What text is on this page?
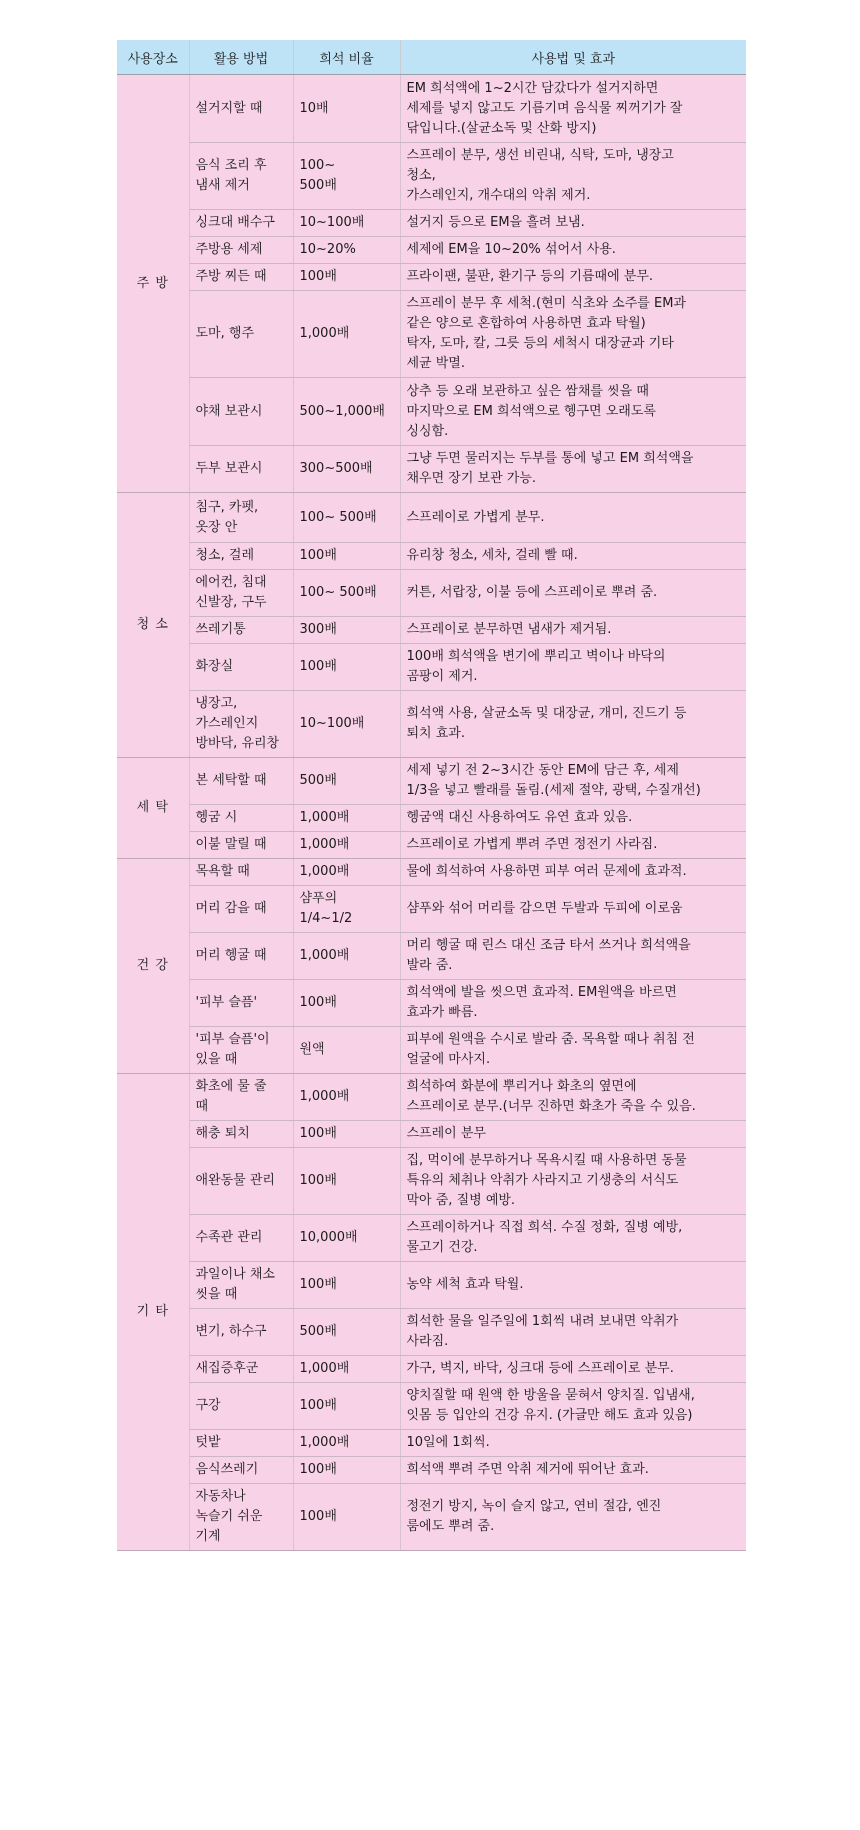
사용장소	활용 방법	희석 비율	사용법 및 효과
주 방	설거지할 때	10배	EM 희석액에 1~2시간 담갔다가 설거지하면
세제를 넣지 않고도 기름기며 음식물 찌꺼기가 잘
닦입니다.(살균소독 및 산화 방지)
	음식 조리 후
냄새 제거	100~
500배	스프레이 분무, 생선 비린내, 식탁, 도마, 냉장고
청소,
가스레인지, 개수대의 악취 제거.
	싱크대 배수구	10~100배	설거지 등으로 EM을 흘려 보냄.
	주방용 세제	10~20%	세제에 EM을 10~20% 섞어서 사용.
	주방 찌든 때	100배	프라이팬, 불판, 환기구 등의 기름때에 분무.
	도마, 행주	1,000배	스프레이 분무 후 세척.(현미 식초와 소주를 EM과
같은 양으로 혼합하여 사용하면 효과 탁월)
탁자, 도마, 칼, 그릇 등의 세척시 대장균과 기타
세균 박멸.
	야채 보관시	500~1,000배	상추 등 오래 보관하고 싶은 쌈채를 씻을 때
마지막으로 EM 희석액으로 헹구면 오래도록
싱싱함.
	두부 보관시	300~500배	그냥 두면 물러지는 두부를 통에 넣고 EM 희석액을
채우면 장기 보관 가능.
청 소	침구, 카펫,
옷장 안	100~ 500배	스프레이로 가볍게 분무.
	청소, 걸레	100배	유리창 청소, 세차, 걸레 빨 때.
	에어컨, 침대
신발장, 구두	100~ 500배	커튼, 서랍장, 이불 등에 스프레이로 뿌려 줌.
	쓰레기통	300배	스프레이로 분무하면 냄새가 제거됨.
	화장실	100배	100배 희석액을 변기에 뿌리고 벽이나 바닥의
곰팡이 제거.
	냉장고,
가스레인지
방바닥, 유리창	10~100배	희석액 사용, 살균소독 및 대장균, 개미, 진드기 등
퇴치 효과.
세 탁	본 세탁할 때	500배	세제 넣기 전 2~3시간 동안 EM에 담근 후, 세제
1/3을 넣고 빨래를 돌림.(세제 절약, 광택, 수질개선)
	헹굼 시	1,000배	헹굼액 대신 사용하여도 유연 효과 있음.
	이불 말릴 때	1,000배	스프레이로 가볍게 뿌려 주면 정전기 사라짐.
건 강	목욕할 때	1,000배	물에 희석하여 사용하면 피부 여러 문제에 효과적.
	머리 감을 때	샴푸의
1/4~1/2	샴푸와 섞어 머리를 감으면 두발과 두피에 이로움
	머리 헹굴 때	1,000배	머리 헹굴 때 린스 대신 조금 타서 쓰거나 희석액을
발라 줌.
	'피부 슬픔'	100배	희석액에 발을 씻으면 효과적. EM원액을 바르면
효과가 빠름.
	'피부 슬픔'이
있을 때	원액	피부에 원액을 수시로 발라 줌. 목욕할 때나 취침 전
얼굴에 마사지.
기 타	화초에 물 줄
때	1,000배	희석하여 화분에 뿌리거나 화초의 옆면에
스프레이로 분무.(너무 진하면 화초가 죽을 수 있음.
	해충 퇴치	100배	스프레이 분무
	애완동물 관리	100배	집, 먹이에 분무하거나 목욕시킬 때 사용하면 동물
특유의 체취나 악취가 사라지고 기생충의 서식도
막아 줌, 질병 예방.
	수족관 관리	10,000배	스프레이하거나 직접 희석. 수질 정화, 질병 예방,
물고기 건강.
	과일이나 채소
씻을 때	100배	농약 세척 효과 탁월.
	변기, 하수구	500배	희석한 물을 일주일에 1회씩 내려 보내면 악취가
사라짐.
	새집증후군	1,000배	가구, 벽지, 바닥, 싱크대 등에 스프레이로 분무.
	구강	100배	양치질할 때 원액 한 방울을 묻혀서 양치질. 입냄새,
잇몸 등 입안의 건강 유지. (가글만 해도 효과 있음)
	텃밭	1,000배	10일에 1회씩.
	음식쓰레기	100배	희석액 뿌려 주면 악취 제거에 뛰어난 효과.
	자동차나
녹슬기 쉬운
기계	100배	정전기 방지, 녹이 슬지 않고, 연비 절감, 엔진
룸에도 뿌려 줌.
